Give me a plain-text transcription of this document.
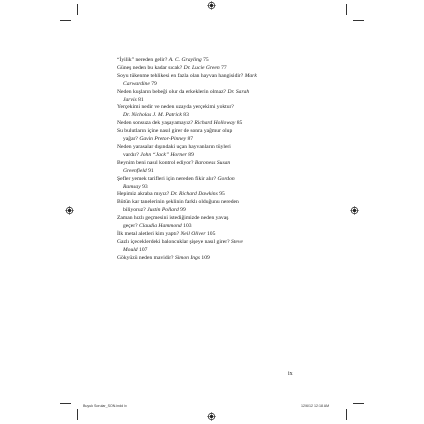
“İyilik” nereden gelir? A. C. Grayling 75
Güneş neden bu kadar sıcak? Dr. Lucie Green 77
Soyu tükenme tehlikesi en fazla olan hayvan hangisidir? Mark
Carwardine 79
Neden kuşların bebeği olur da erkeklerin olmaz? Dr. Sarah
Jarvis 81
Yerçekimi nedir ve neden uzayda yerçekimi yoktur?
Dr. Nicholas J. M. Patrick 83
Neden sonsuza dek yaşayamayız? Richard Holloway 85
Su bulutların içine nasıl girer de sonra yağmur olup
yağar? Gavin Pretor-Pinney 87
Neden yarasalar dışındaki uçan hayvanların tüyleri
vardır? John “Jack” Horner 89
Beynim beni nasıl kontrol ediyor? Baroness Susan
Greenfield 91
Şefler yemek tarifleri için nereden fikir alır? Gordon
Ramsay 93
Hepimiz akraba mıyız? Dr. Richard Dawkins 95
Bütün kar tanelerinin şeklinin farklı olduğunu nereden
biliyoruz? Justin Pollard 99
Zaman hızlı geçmesini istediğimizde neden yavaş
geçer? Claudia Hammond 103
İlk metal aletleri kim yaptı? Neil Oliver 105
Gazlı içeceklerdeki baloncuklar şişeye nasıl girer? Steve
Mould 107
Gökyüzü neden mavidir? Simon Ings 109
ix
Buyuk Sorular_SON.indd ix	12/6/12 12:18 AM
